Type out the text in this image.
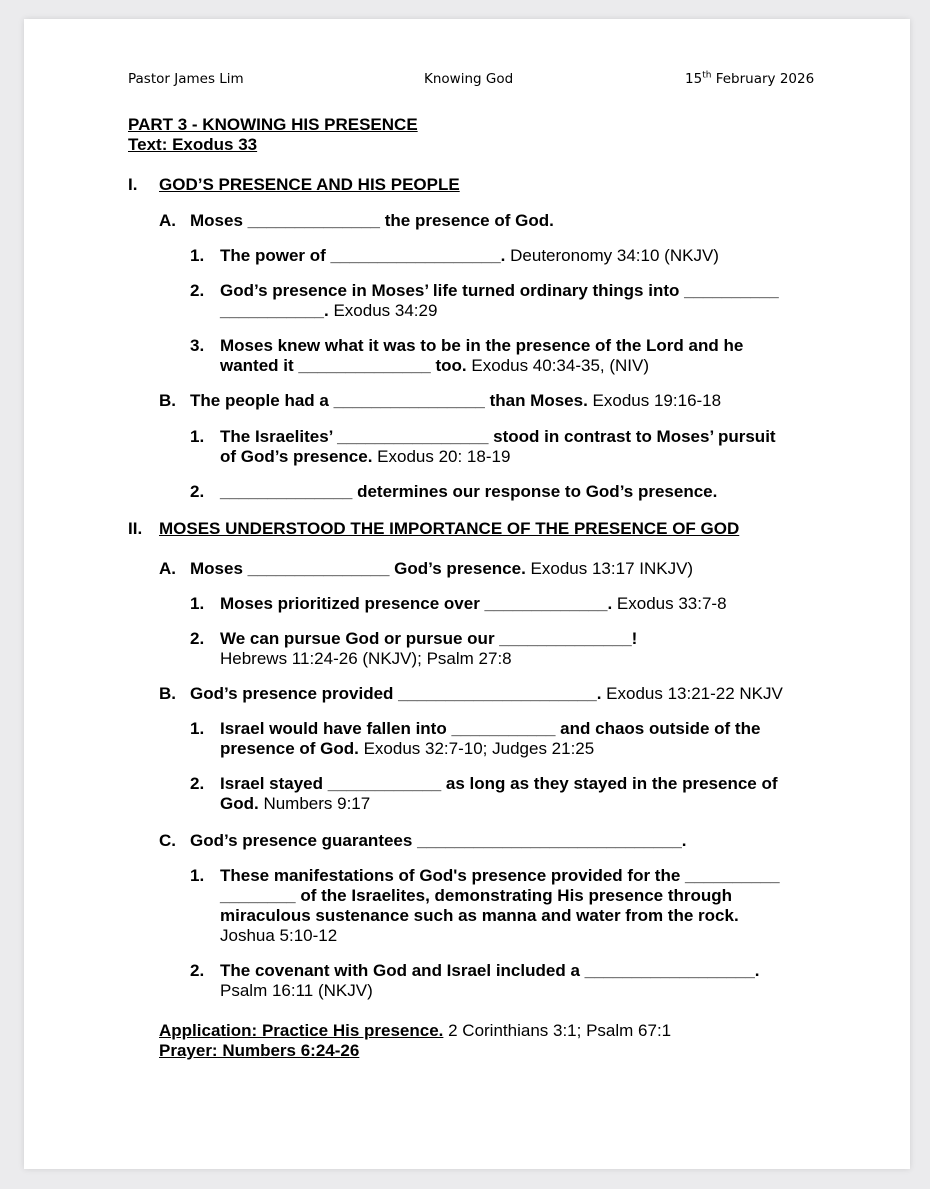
Pastor James Lim	Knowing God	15th February 2026
PART 3 - KNOWING HIS PRESENCE
Text: Exodus 33
I. GOD’S PRESENCE AND HIS PEOPLE
A. Moses ______________ the presence of God.
1. The power of __________________. Deuteronomy 34:10 (NKJV)
2. God’s presence in Moses’ life turned ordinary things into __________
___________. Exodus 34:29
3. Moses knew what it was to be in the presence of the Lord and he
wanted it ______________ too. Exodus 40:34-35, (NIV)
B. The people had a ________________ than Moses. Exodus 19:16-18
1. The Israelites’ ________________ stood in contrast to Moses’ pursuit
of God’s presence. Exodus 20: 18-19
2. ______________ determines our response to God’s presence.
II. MOSES UNDERSTOOD THE IMPORTANCE OF THE PRESENCE OF GOD
A. Moses _______________ God’s presence. Exodus 13:17 INKJV)
1. Moses prioritized presence over _____________. Exodus 33:7-8
2. We can pursue God or pursue our ______________!
Hebrews 11:24-26 (NKJV); Psalm 27:8
B. God’s presence provided _____________________. Exodus 13:21-22 NKJV
1. Israel would have fallen into ___________ and chaos outside of the
presence of God. Exodus 32:7-10; Judges 21:25
2. Israel stayed ____________ as long as they stayed in the presence of
God. Numbers 9:17
C. God’s presence guarantees ____________________________.
1. These manifestations of God's presence provided for the __________
________ of the Israelites, demonstrating His presence through
miraculous sustenance such as manna and water from the rock.
Joshua 5:10-12
2. The covenant with God and Israel included a __________________.
Psalm 16:11 (NKJV)
Application: Practice His presence. 2 Corinthians 3:1; Psalm 67:1
Prayer: Numbers 6:24-26
